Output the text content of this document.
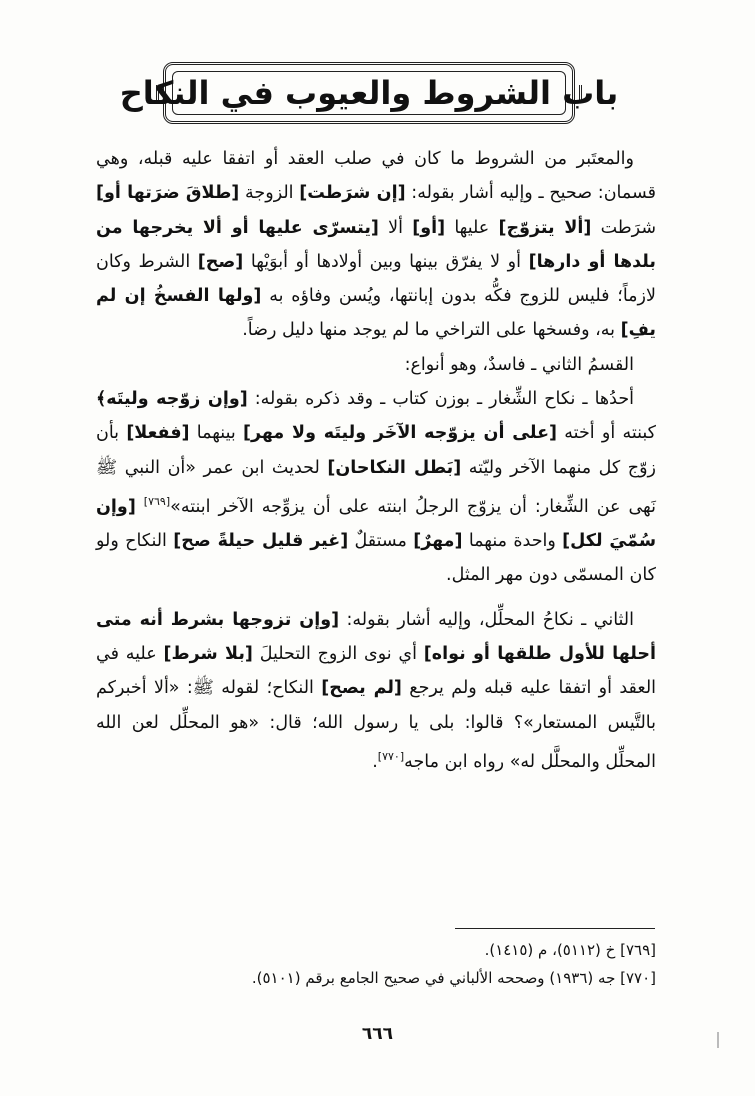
باب الشروط والعيوب في النكاح

والمعتَبر من الشروط ما كان في صلب العقد أو اتفقا عليه قبله، وهي قسمان: صحيح ـ وإليه أشار بقوله: [إن شرَطت] الزوجة [طلاقَ ضرَتها أو] شرَطت [ألا يتزوّج] عليها [أو] ألا [يتسرّى عليها أو ألا يخرجها من بلدها أو دارها] أو لا يفرّق بينها وبين أولادها أو أبوَيْها [صح] الشرط وكان لازماً؛ فليس للزوج فكُّه بدون إبانتها، ويُسن وفاؤه به [ولها الفسخُ إن لم يفِ] به، وفسخها على التراخي ما لم يوجد منها دليل رضاً.

القسمُ الثاني ـ فاسدٌ، وهو أنواع:

أحدُها ـ نكاح الشِّغار ـ بوزن كتاب ـ وقد ذكره بقوله: [وإن زوّجه وليتَه﴾ كبنته أو أخته [على أن يزوّجه الآخَر وليتَه ولا مهر] بينهما [ففعلا] بأن زوّج كل منهما الآخر وليّته [بَطل النكاحان] لحديث ابن عمر «أن النبي ﷺ نَهى عن الشِّغار: أن يزوّج الرجلُ ابنته على أن يزوِّجه الآخر ابنته»[٧٦٩] [وإن سُمّيَ لكل] واحدة منهما [مهرٌ] مستقلٌ [غير قليل حيلةً صح] النكاح ولو كان المسمّى دون مهر المثل.

الثاني ـ نكاحُ المحلِّل، وإليه أشار بقوله: [وإن تزوجها بشرط أنه متى أحلها للأول طلقها أو نواه] أي نوى الزوج التحليلَ [بلا شرط] عليه في العقد أو اتفقا عليه قبله ولم يرجع [لم يصح] النكاح؛ لقوله ﷺ: «ألا أخبركم بالتَّيس المستعار»؟ قالوا: بلى يا رسول الله؛ قال: «هو المحلِّل لعن الله المحلِّل والمحلَّل له» رواه ابن ماجه[٧٧٠].

[٧٦٩] خ (٥١١٢)، م (١٤١٥).
[٧٧٠] جه (١٩٣٦) وصححه الألباني في صحيح الجامع برقم (٥١٠١).
٦٦٦
